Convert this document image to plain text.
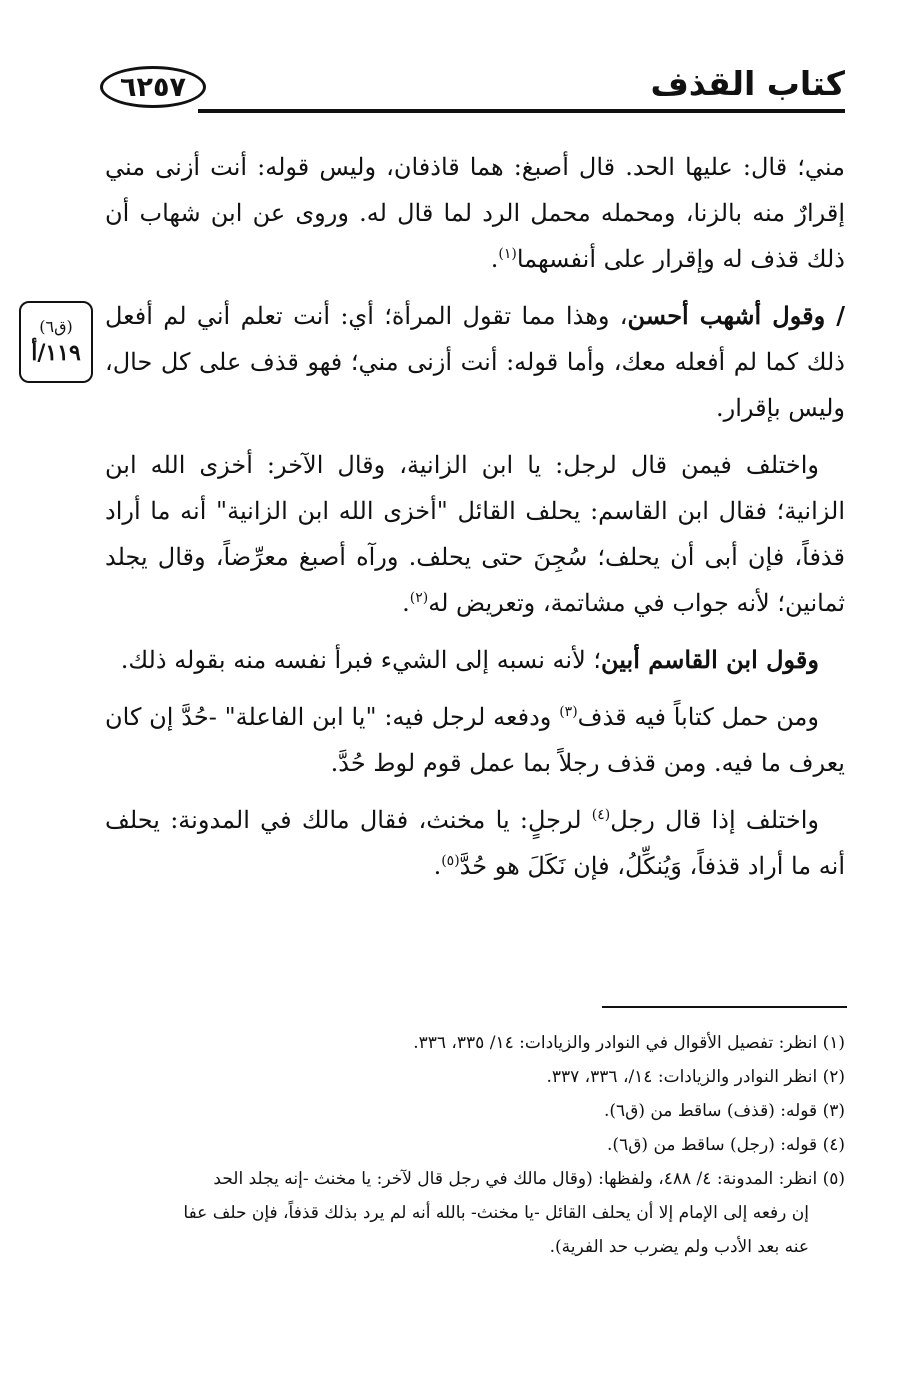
٦٢٥٧	كتاب القذف
(ق٦)
١١٩/أ

مني؛ قال: عليها الحد. قال أصبغ: هما قاذفان، وليس قوله: أنت أزنى مني إقرارٌ منه بالزنا، ومحمله محمل الرد لما قال له. وروى عن ابن شهاب أن ذلك قذف له وإقرار على أنفسهما$^{(١)}$.

/ وقول أشهب أحسن، وهذا مما تقول المرأة؛ أي: أنت تعلم أني لم أفعل ذلك كما لم أفعله معك، وأما قوله: أنت أزنى مني؛ فهو قذف على كل حال، وليس بإقرار.

واختلف فيمن قال لرجل: يا ابن الزانية، وقال الآخر: أخزى الله ابن الزانية؛ فقال ابن القاسم: يحلف القائل "أخزى الله ابن الزانية" أنه ما أراد قذفاً، فإن أبى أن يحلف؛ سُجِنَ حتى يحلف. ورآه أصبغ معرِّضاً، وقال يجلد ثمانين؛ لأنه جواب في مشاتمة، وتعريض له$^{(٢)}$.

وقول ابن القاسم أبين؛ لأنه نسبه إلى الشيء فبرأ نفسه منه بقوله ذلك.

ومن حمل كتاباً فيه قذف$^{(٣)}$ ودفعه لرجل فيه: "يا ابن الفاعلة" -حُدَّ إن كان يعرف ما فيه. ومن قذف رجلاً بما عمل قوم لوط حُدَّ.

واختلف إذا قال رجل$^{(٤)}$ لرجلٍ: يا مخنث، فقال مالك في المدونة: يحلف أنه ما أراد قذفاً، وَيُنكِّلُ، فإن نَكَلَ هو حُدَّ$^{(٥)}$.

(١) انظر: تفصيل الأقوال في النوادر والزيادات: ١٤/ ٣٣٥، ٣٣٦.
(٢) انظر النوادر والزيادات: ١٤/، ٣٣٦، ٣٣٧.
(٣) قوله: (قذف) ساقط من (ق٦).
(٤) قوله: (رجل) ساقط من (ق٦).
(٥) انظر: المدونة: ٤/ ٤٨٨، ولفظها: (وقال مالك في رجل قال لآخر: يا مخنث -إنه يجلد الحد
إن رفعه إلى الإمام إلا أن يحلف القائل -يا مخنث- بالله أنه لم يرد بذلك قذفاً، فإن حلف عفا
عنه بعد الأدب ولم يضرب حد الفرية).
